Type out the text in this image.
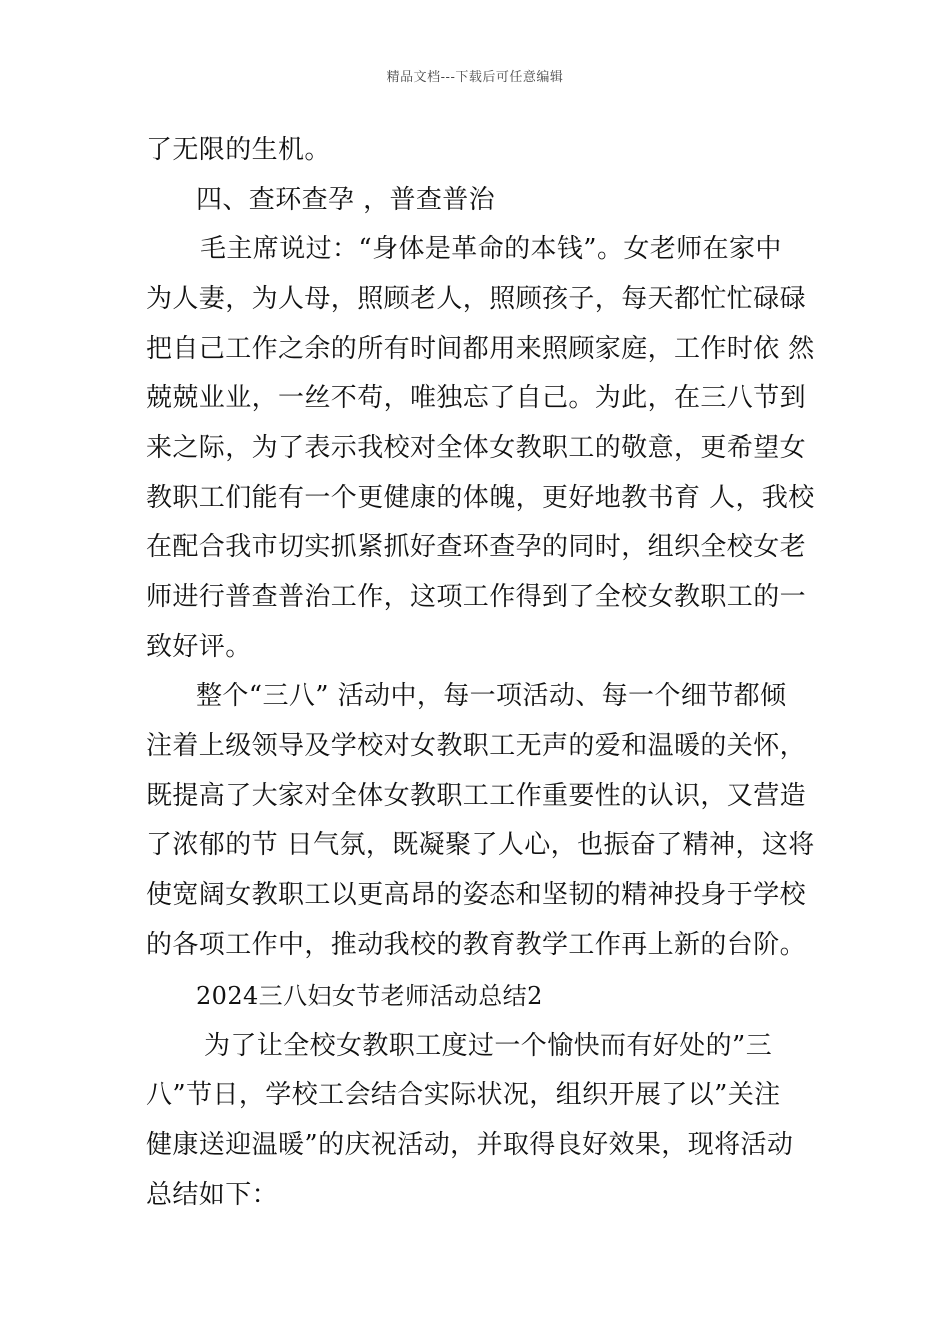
精品文档---下载后可任意编辑
了无限的生机。
四、查环查孕 ，普查普治
毛主席说过：“身体是革命的本钱”。女老师在家中
为人妻，为人母，照顾老人，照顾孩子，每天都忙忙碌碌
把自己工作之余的所有时间都用来照顾家庭，工作时依 然
兢兢业业，一丝不苟，唯独忘了自己。为此，在三八节到
来之际，为了表示我校对全体女教职工的敬意，更希望女
教职工们能有一个更健康的体魄，更好地教书育 人，我校
在配合我市切实抓紧抓好查环查孕的同时，组织全校女老
师进行普查普治工作，这项工作得到了全校女教职工的一
致好评。
整个“三八” 活动中，每一项活动、每一个细节都倾
注着上级领导及学校对女教职工无声的爱和温暖的关怀，
既提高了大家对全体女教职工工作重要性的认识，又营造
了浓郁的节 日气氛，既凝聚了人心，也振奋了精神，这将
使宽阔女教职工以更高昂的姿态和坚韧的精神投身于学校
的各项工作中，推动我校的教育教学工作再上新的台阶。
2024三八妇女节老师活动总结2
为了让全校女教职工度过一个愉快而有好处的”三
八”节日，学校工会结合实际状况，组织开展了以”关注
健康送迎温暖”的庆祝活动，并取得良好效果，现将活动
总结如下：
